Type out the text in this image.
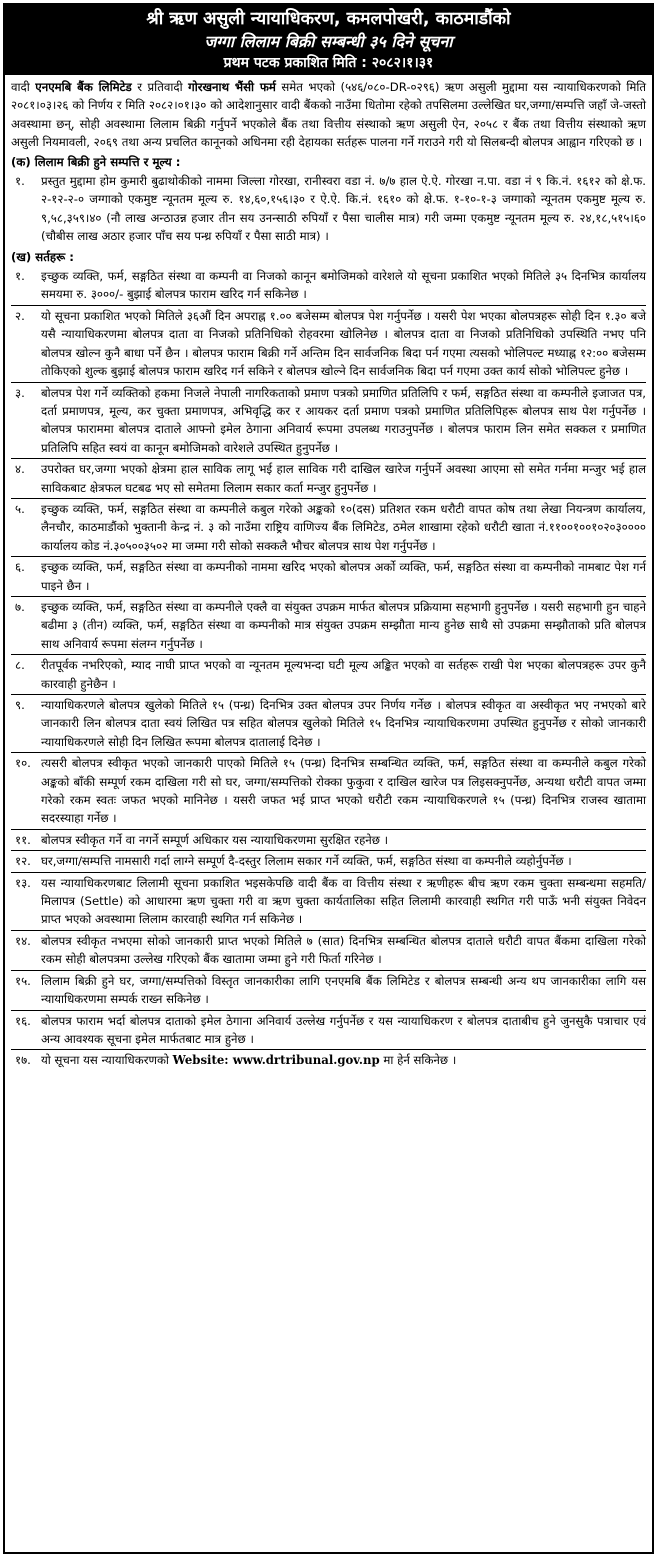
श्री ऋण असुली न्यायाधिकरण, कमलपोखरी, काठमाडौंको
जग्गा लिलाम बिक्री सम्बन्धी ३५ दिने सूचना
प्रथम पटक प्रकाशित मिति : २०८२।१।३१

वादी एनएमबि बैंक लिमिटेड र प्रतिवादी गोरखनाथ भैंसी फर्म समेत भएको (५४६/०८०-DR-०२९६) ऋण असुली मुद्दामा यस न्यायाधिकरणको मिति २०८१।०३।२६ को निर्णय र मिति २०८२।०१।३० को आदेशानुसार वादी बैंकको नाउँमा धितोमा रहेको तपसिलमा उल्लेखित घर,जग्गा/सम्पत्ति जहाँ जे-जस्तो अवस्थामा छन्, सोही अवस्थामा लिलाम बिक्री गर्नुपर्ने भएकोले बैंक तथा वित्तीय संस्थाको ऋण असुली ऐन, २०५८ र बैंक तथा वित्तीय संस्थाको ऋण असुली नियमावली, २०६९ तथा अन्य प्रचलित कानूनको अधिनमा रही देहायका सर्तहरू पालना गर्ने गराउने गरी यो सिलबन्दी बोलपत्र आह्वान गरिएको छ ।

(क) लिलाम बिक्री हुने सम्पत्ति र मूल्य :
१.	प्रस्तुत मुद्दामा होम कुमारी बुढाथोकीको नाममा जिल्ला गोरखा, रानीस्वरा वडा नं. ७/७ हाल ऐ.ऐ. गोरखा न.पा. वडा नं ९ कि.नं. १६१२ को क्षे.फ. २-१२-२-० जग्गाको एकमुष्ट न्यूनतम मूल्य रु. १४,६०,१५६।३० र ऐ.ऐ. कि.नं. १६१० को क्षे.फ. १-१०-१-३ जग्गाको न्यूनतम एकमुष्ट मूल्य रु. ९,५८,३५९।४० (नौ लाख अन्ठाउन्न हजार तीन सय उनन्साठी रुपियाँ र पैसा चालीस मात्र) गरी जम्मा एकमुष्ट न्यूनतम मूल्य रु. २४,१८,५१५।६० (चौबीस लाख अठार हजार पाँच सय पन्ध्र रुपियाँ र पैसा साठी मात्र) ।
(ख) सर्तहरू :
१.	इच्छुक व्यक्ति, फर्म, सङ्गठित संस्था वा कम्पनी वा निजको कानून बमोजिमको वारेशले यो सूचना प्रकाशित भएको मितिले ३५ दिनभित्र कार्यालय समयमा रु. ३०००/- बुझाई बोलपत्र फाराम खरिद गर्न सकिनेछ ।
२.	यो सूचना प्रकाशित भएको मितिले ३६औं दिन अपराह्न १.०० बजेसम्म बोलपत्र पेश गर्नुपर्नेछ । यसरी पेश भएका बोलपत्रहरू सोही दिन १.३० बजे यसै न्यायाधिकरणमा बोलपत्र दाता वा निजको प्रतिनिधिको रोहवरमा खोलिनेछ । बोलपत्र दाता वा निजको प्रतिनिधिको उपस्थिति नभए पनि बोलपत्र खोल्न कुनै बाधा पर्ने छैन । बोलपत्र फाराम बिक्री गर्ने अन्तिम दिन सार्वजनिक बिदा पर्न गएमा त्यसको भोलिपल्ट मध्याह्न १२:०० बजेसम्म तोकिएको शुल्क बुझाई बोलपत्र फाराम खरिद गर्न सकिने र बोलपत्र खोल्ने दिन सार्वजनिक बिदा पर्न गएमा उक्त कार्य सोको भोलिपल्ट हुनेछ ।
३.	बोलपत्र पेश गर्ने व्यक्तिको हकमा निजले नेपाली नागरिकताको प्रमाण पत्रको प्रमाणित प्रतिलिपि र फर्म, सङ्गठित संस्था वा कम्पनीले इजाजत पत्र, दर्ता प्रमाणपत्र, मूल्य, कर चुक्ता प्रमाणपत्र, अभिवृद्धि कर र आयकर दर्ता प्रमाण पत्रको प्रमाणित प्रतिलिपिहरू बोलपत्र साथ पेश गर्नुपर्नेछ । बोलपत्र फाराममा बोलपत्र दाताले आफ्नो इमेल ठेगाना अनिवार्य रूपमा उपलब्ध गराउनुपर्नेछ । बोलपत्र फाराम लिन समेत सक्कल र प्रमाणित प्रतिलिपि सहित स्वयं वा कानून बमोजिमको वारेशले उपस्थित हुनुपर्नेछ ।
४.	उपरोक्त घर,जग्गा भएको क्षेत्रमा हाल साविक लागू भई हाल साविक गरी दाखिल खारेज गर्नुपर्ने अवस्था आएमा सो समेत गर्नमा मन्जुर भई हाल साविकबाट क्षेत्रफल घटबढ भए सो समेतमा लिलाम सकार कर्ता मन्जुर हुनुपर्नेछ ।
५.	इच्छुक व्यक्ति, फर्म, सङ्गठित संस्था वा कम्पनीले कबुल गरेको अङ्कको १०(दस) प्रतिशत रकम धरौटी वापत कोष तथा लेखा नियन्त्रण कार्यालय, लैनचौर, काठमाडौंको भुक्तानी केन्द्र नं. ३ को नाउँमा राष्ट्रिय वाणिज्य बैंक लिमिटेड, ठमेल शाखामा रहेको धरौटी खाता नं.११००१००१०२०३०००० कार्यालय कोड नं.३०५००३५०२ मा जम्मा गरी सोको सक्कलै भौचर बोलपत्र साथ पेश गर्नुपर्नेछ ।
६.	इच्छुक व्यक्ति, फर्म, सङ्गठित संस्था वा कम्पनीको नाममा खरिद भएको बोलपत्र अर्को व्यक्ति, फर्म, सङ्गठित संस्था वा कम्पनीको नामबाट पेश गर्न पाइने छैन ।
७.	इच्छुक व्यक्ति, फर्म, सङ्गठित संस्था वा कम्पनीले एक्लै वा संयुक्त उपक्रम मार्फत बोलपत्र प्रक्रियामा सहभागी हुनुपर्नेछ । यसरी सहभागी हुन चाहने बढीमा ३ (तीन) व्यक्ति, फर्म, सङ्गठित संस्था वा कम्पनीको मात्र संयुक्त उपक्रम सम्झौता मान्य हुनेछ साथै सो उपक्रमा सम्झौताको प्रति बोलपत्र साथ अनिवार्य रूपमा संलग्न गर्नुपर्नेछ ।
८.	रीतपूर्वक नभरिएको, म्याद नाघी प्राप्त भएको वा न्यूनतम मूल्यभन्दा घटी मूल्य अङ्कित भएको वा सर्तहरू राखी पेश भएका बोलपत्रहरू उपर कुनै कारवाही हुनेछैन ।
९.	न्यायाधिकरणले बोलपत्र खुलेको मितिले १५ (पन्ध्र) दिनभित्र उक्त बोलपत्र उपर निर्णय गर्नेछ । बोलपत्र स्वीकृत वा अस्वीकृत भए नभएको बारे जानकारी लिन बोलपत्र दाता स्वयं लिखित पत्र सहित बोलपत्र खुलेको मितिले १५ दिनभित्र न्यायाधिकरणमा उपस्थित हुनुपर्नेछ र सोको जानकारी न्यायाधिकरणले सोही दिन लिखित रूपमा बोलपत्र दातालाई दिनेछ ।
१०. त्यसरी बोलपत्र स्वीकृत भएको जानकारी पाएको मितिले १५ (पन्ध्र) दिनभित्र सम्बन्धित व्यक्ति, फर्म, सङ्गठित संस्था वा कम्पनीले कबुल गरेको अङ्कको बाँकी सम्पूर्ण रकम दाखिला गरी सो घर, जग्गा/सम्पत्तिको रोक्का फुकुवा र दाखिल खारेज पत्र लिइसक्नुपर्नेछ, अन्यथा धरौटी वापत जम्मा गरेको रकम स्वतः जफत भएको मानिनेछ । यसरी जफत भई प्राप्त भएको धरौटी रकम न्यायाधिकरणले १५ (पन्ध्र) दिनभित्र राजस्व खातामा सदरस्याहा गर्नेछ ।
११. बोलपत्र स्वीकृत गर्ने वा नगर्ने सम्पूर्ण अधिकार यस न्यायाधिकरणमा सुरक्षित रहनेछ ।
१२. घर,जग्गा/सम्पत्ति नामसारी गर्दा लाग्ने सम्पूर्ण दै-दस्तुर लिलाम सकार गर्ने व्यक्ति, फर्म, सङ्गठित संस्था वा कम्पनीले व्यहोर्नुपर्नेछ ।
१३. यस न्यायाधिकरणबाट लिलामी सूचना प्रकाशित भइसकेपछि वादी बैंक वा वित्तीय संस्था र ऋणीहरू बीच ऋण रकम चुक्ता सम्बन्धमा सहमति/मिलापत्र (Settle) को आधारमा ऋण चुक्ता गरी वा ऋण चुक्ता कार्यतालिका सहित लिलामी कारवाही स्थगित गरी पाऊँ भनी संयुक्त निवेदन प्राप्त भएको अवस्थामा लिलाम कारवाही स्थगित गर्न सकिनेछ ।
१४. बोलपत्र स्वीकृत नभएमा सोको जानकारी प्राप्त भएको मितिले ७ (सात) दिनभित्र सम्बन्धित बोलपत्र दाताले धरौटी वापत बैंकमा दाखिला गरेको रकम सोही बोलपत्रमा उल्लेख गरिएको बैंक खातामा जम्मा हुने गरी फिर्ता गरिनेछ ।
१५. लिलाम बिक्री हुने घर, जग्गा/सम्पत्तिको विस्तृत जानकारीका लागि एनएमबि बैंक लिमिटेड र बोलपत्र सम्बन्धी अन्य थप जानकारीका लागि यस न्यायाधिकरणमा सम्पर्क राख्न सकिनेछ ।
१६. बोलपत्र फाराम भर्दा बोलपत्र दाताको इमेल ठेगाना अनिवार्य उल्लेख गर्नुपर्नेछ र यस न्यायाधिकरण र बोलपत्र दाताबीच हुने जुनसुकै पत्राचार एवं अन्य आवश्यक सूचना इमेल मार्फतबाट मात्र हुनेछ ।
१७. यो सूचना यस न्यायाधिकरणको Website: www.drtribunal.gov.np मा हेर्न सकिनेछ ।
